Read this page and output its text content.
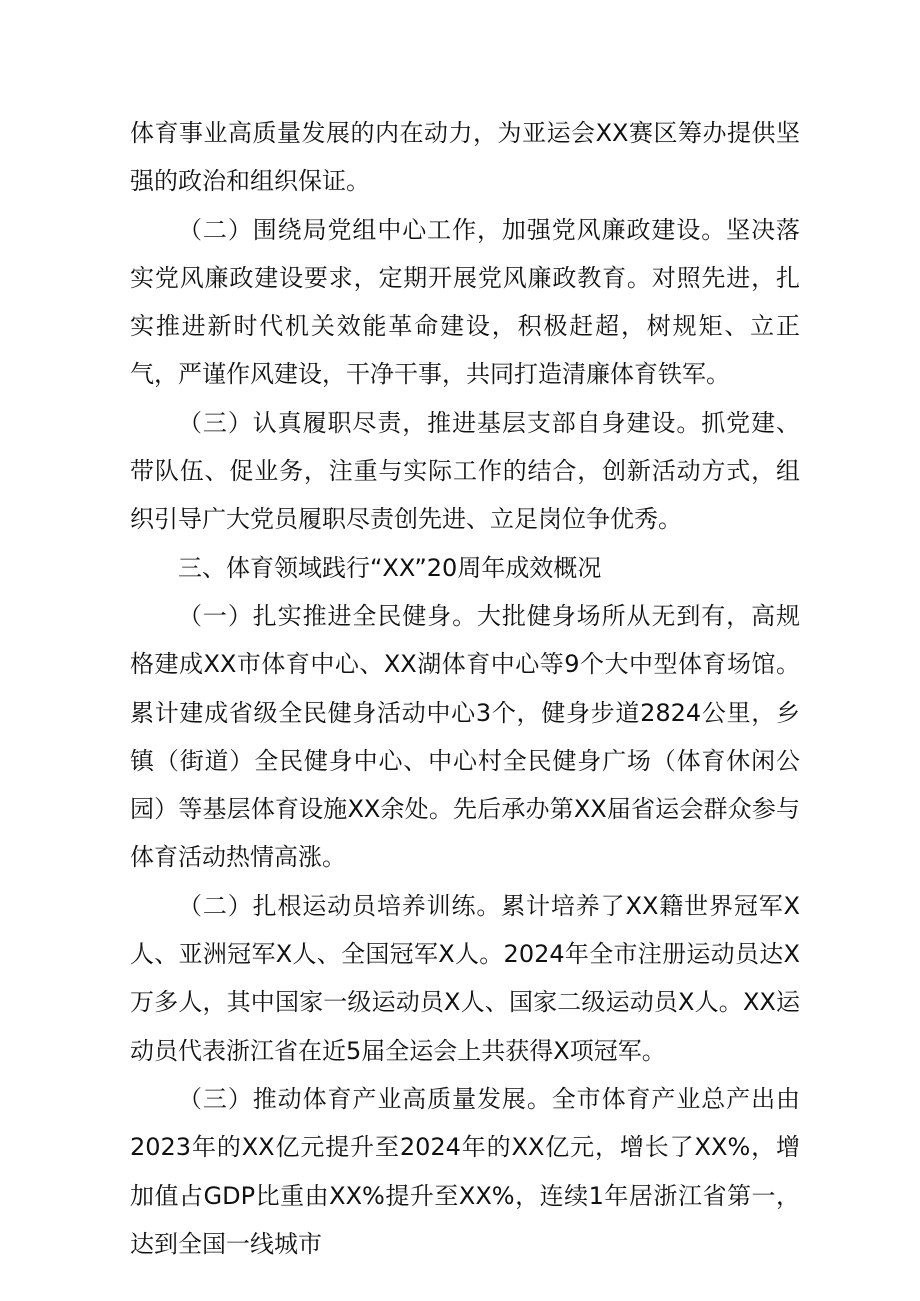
体育事业高质量发展的内在动力，为亚运会XX赛区筹办提供坚强的政治和组织保证。

（二）围绕局党组中心工作，加强党风廉政建设。坚决落实党风廉政建设要求，定期开展党风廉政教育。对照先进，扎实推进新时代机关效能革命建设，积极赶超，树规矩、立正气，严谨作风建设，干净干事，共同打造清廉体育铁军。

（三）认真履职尽责，推进基层支部自身建设。抓党建、带队伍、促业务，注重与实际工作的结合，创新活动方式，组织引导广大党员履职尽责创先进、立足岗位争优秀。

三、体育领域践行“XX”20周年成效概况

（一）扎实推进全民健身。大批健身场所从无到有，高规格建成XX市体育中心、XX湖体育中心等9个大中型体育场馆。累计建成省级全民健身活动中心3个，健身步道2824公里，乡镇（街道）全民健身中心、中心村全民健身广场（体育休闲公园）等基层体育设施XX余处。先后承办第XX届省运会群众参与体育活动热情高涨。

（二）扎根运动员培养训练。累计培养了XX籍世界冠军X人、亚洲冠军X人、全国冠军X人。2024年全市注册运动员达X万多人，其中国家一级运动员X人、国家二级运动员X人。XX运动员代表浙江省在近5届全运会上共获得X项冠军。

（三）推动体育产业高质量发展。全市体育产业总产出由2023年的XX亿元提升至2024年的XX亿元，增长了XX%，增加值占GDP比重由XX%提升至XX%，连续1年居浙江省第一，达到全国一线城市
